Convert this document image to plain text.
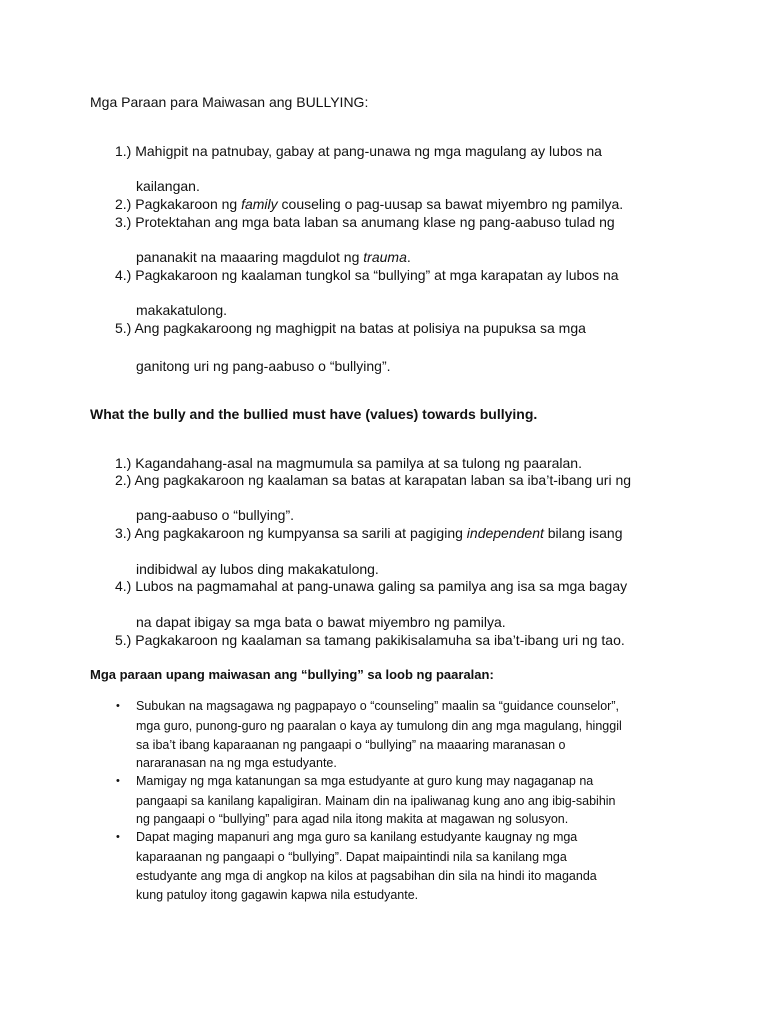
Mga Paraan para Maiwasan ang BULLYING:
1.) Mahigpit na patnubay, gabay at pang-unawa ng mga magulang ay lubos na
kailangan.
2.) Pagkakaroon ng family couseling o pag-uusap sa bawat miyembro ng pamilya.
3.) Protektahan ang mga bata laban sa anumang klase ng pang-aabuso tulad ng
pananakit na maaaring magdulot ng trauma.
4.) Pagkakaroon ng kaalaman tungkol sa “bullying” at mga karapatan ay lubos na
makakatulong.
5.) Ang pagkakaroong ng maghigpit na batas at polisiya na pupuksa sa mga
ganitong uri ng pang-aabuso o “bullying”.
What the bully and the bullied must have (values) towards bullying.
1.) Kagandahang-asal na magmumula sa pamilya at sa tulong ng paaralan.
2.) Ang pagkakaroon ng kaalaman sa batas at karapatan laban sa iba’t-ibang uri ng
pang-aabuso o “bullying”.
3.) Ang pagkakaroon ng kumpyansa sa sarili at pagiging independent bilang isang
indibidwal ay lubos ding makakatulong.
4.) Lubos na pagmamahal at pang-unawa galing sa pamilya ang isa sa mga bagay
na dapat ibigay sa mga bata o bawat miyembro ng pamilya.
5.) Pagkakaroon ng kaalaman sa tamang pakikisalamuha sa iba’t-ibang uri ng tao.
Mga paraan upang maiwasan ang “bullying” sa loob ng paaralan:
• Subukan na magsagawa ng pagpapayo o “counseling” maalin sa “guidance counselor”,
mga guro, punong-guro ng paaralan o kaya ay tumulong din ang mga magulang, hinggil
sa iba’t ibang kaparaanan ng pangaapi o “bullying” na maaaring maranasan o
nararanasan na ng mga estudyante.
• Mamigay ng mga katanungan sa mga estudyante at guro kung may nagaganap na
pangaapi sa kanilang kapaligiran. Mainam din na ipaliwanag kung ano ang ibig-sabihin
ng pangaapi o “bullying” para agad nila itong makita at magawan ng solusyon.
• Dapat maging mapanuri ang mga guro sa kanilang estudyante kaugnay ng mga
kaparaanan ng pangaapi o “bullying”. Dapat maipaintindi nila sa kanilang mga
estudyante ang mga di angkop na kilos at pagsabihan din sila na hindi ito maganda
kung patuloy itong gagawin kapwa nila estudyante.
